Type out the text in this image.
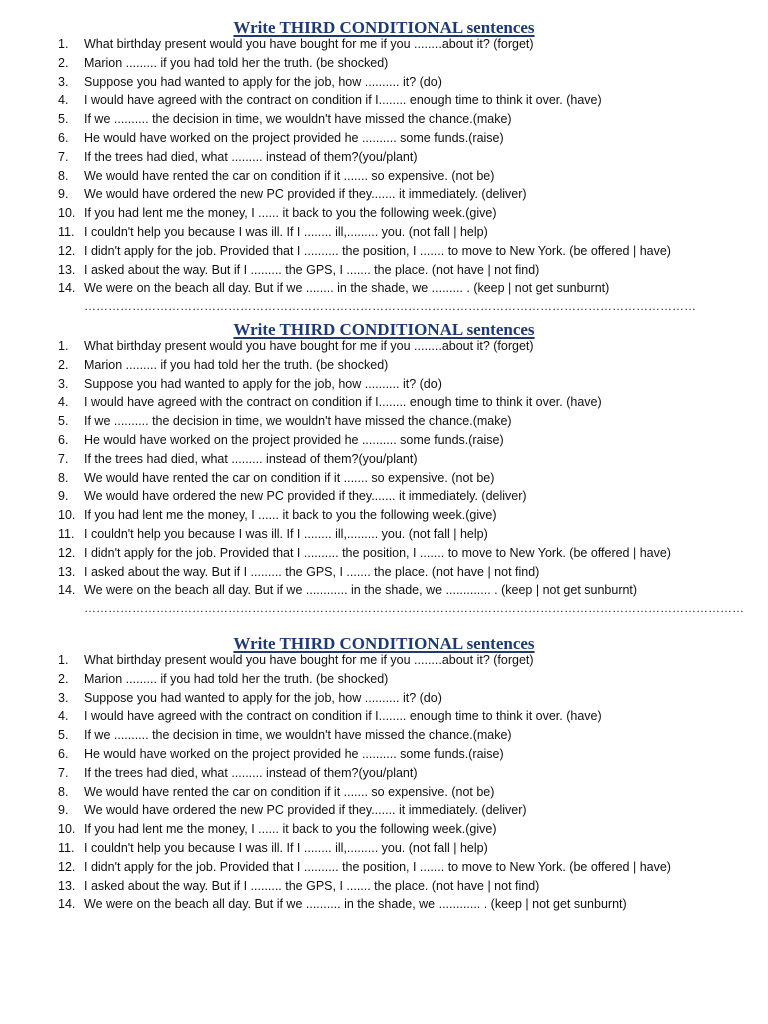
Write THIRD CONDITIONAL sentences
1.	What birthday present would you have bought for me if you ........about it? (forget)
2.	Marion ......... if you had told her the truth. (be shocked)
3.	Suppose you had wanted to apply for the job, how .......... it? (do)
4.	I would have agreed with the contract on condition if I........ enough time to think it over. (have)
5.	If we .......... the decision in time, we wouldn't have missed the chance.(make)
6.	He would have worked on the project provided he .......... some funds.(raise)
7.	If the trees had died, what ......... instead of them?(you/plant)
8.	We would have rented the car on condition if it ....... so expensive. (not be)
9.	We would have ordered the new PC provided if they....... it immediately. (deliver)
10. If you had lent me the money, I ...... it back to you the following week.(give)
11. I couldn't help you because I was ill. If I ........ ill,......... you. (not fall | help)
12. I didn't apply for the job. Provided that I .......... the position, I ....... to move to New York. (be offered | have)
13. I asked about the way. But if I ......... the GPS, I ....... the place. (not have | not find)
14. We were on the beach all day. But if we ........ in the shade, we ......... . (keep | not get sunburnt)
………………………………………………………………………………………………………………………………………
Write THIRD CONDITIONAL sentences
1.	What birthday present would you have bought for me if you ........about it? (forget)
2.	Marion ......... if you had told her the truth. (be shocked)
3.	Suppose you had wanted to apply for the job, how .......... it? (do)
4.	I would have agreed with the contract on condition if I........ enough time to think it over. (have)
5.	If we .......... the decision in time, we wouldn't have missed the chance.(make)
6.	He would have worked on the project provided he .......... some funds.(raise)
7.	If the trees had died, what ......... instead of them?(you/plant)
8.	We would have rented the car on condition if it ....... so expensive. (not be)
9.	We would have ordered the new PC provided if they....... it immediately. (deliver)
10. If you had lent me the money, I ...... it back to you the following week.(give)
11. I couldn't help you because I was ill. If I ........ ill,......... you. (not fall | help)
12. I didn't apply for the job. Provided that I .......... the position, I ....... to move to New York. (be offered | have)
13. I asked about the way. But if I ......... the GPS, I ....... the place. (not have | not find)
14. We were on the beach all day. But if we ............ in the shade, we ............. . (keep | not get sunburnt)
…………………………………………………………………………………………………………………………………………………
Write THIRD CONDITIONAL sentences
1.	What birthday present would you have bought for me if you ........about it? (forget)
2.	Marion ......... if you had told her the truth. (be shocked)
3.	Suppose you had wanted to apply for the job, how .......... it? (do)
4.	I would have agreed with the contract on condition if I........ enough time to think it over. (have)
5.	If we .......... the decision in time, we wouldn't have missed the chance.(make)
6.	He would have worked on the project provided he .......... some funds.(raise)
7.	If the trees had died, what ......... instead of them?(you/plant)
8.	We would have rented the car on condition if it ....... so expensive. (not be)
9.	We would have ordered the new PC provided if they....... it immediately. (deliver)
10. If you had lent me the money, I ...... it back to you the following week.(give)
11. I couldn't help you because I was ill. If I ........ ill,......... you. (not fall | help)
12. I didn't apply for the job. Provided that I .......... the position, I ....... to move to New York. (be offered | have)
13. I asked about the way. But if I ......... the GPS, I ....... the place. (not have | not find)
14. We were on the beach all day. But if we .......... in the shade, we ............ . (keep | not get sunburnt)
